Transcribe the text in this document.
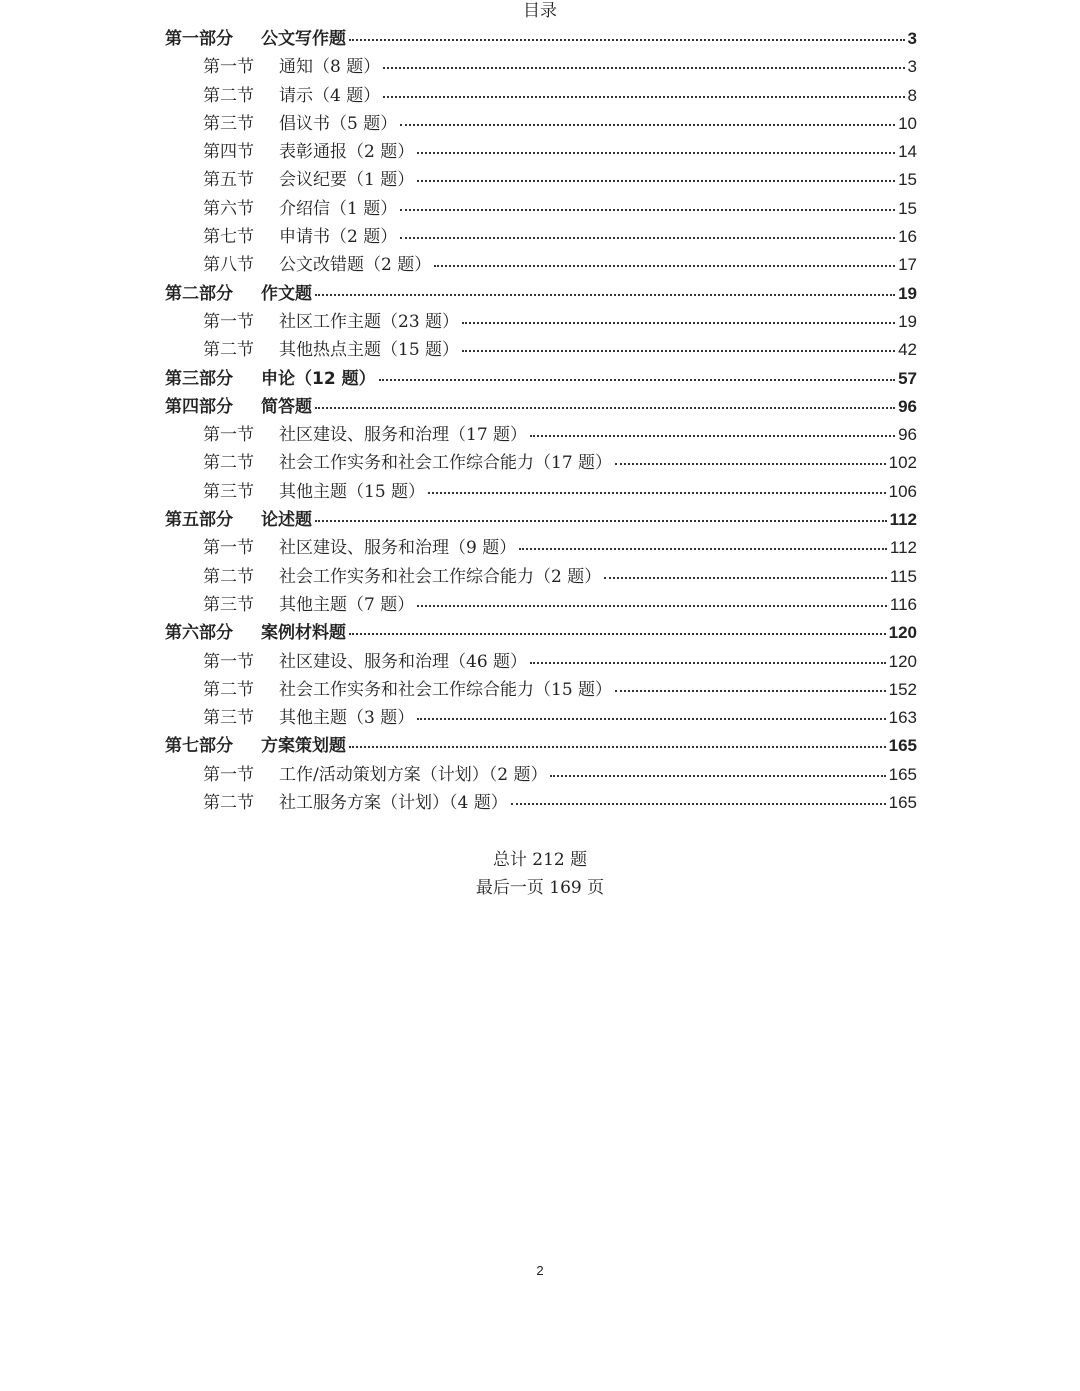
目录
第一部分	公文写作题	3
第一节	通知（8 题）	3
第二节	请示（4 题）	8
第三节	倡议书（5 题）	10
第四节	表彰通报（2 题）	14
第五节	会议纪要（1 题）	15
第六节	介绍信（1 题）	15
第七节	申请书（2 题）	16
第八节	公文改错题（2 题）	17
第二部分	作文题	19
第一节	社区工作主题（23 题）	19
第二节	其他热点主题（15 题）	42
第三部分	申论（12 题）	57
第四部分	简答题	96
第一节	社区建设、服务和治理（17 题）	96
第二节	社会工作实务和社会工作综合能力（17 题）	102
第三节	其他主题（15 题）	106
第五部分	论述题	112
第一节	社区建设、服务和治理（9 题）	112
第二节	社会工作实务和社会工作综合能力（2 题）	115
第三节	其他主题（7 题）	116
第六部分	案例材料题	120
第一节	社区建设、服务和治理（46 题）	120
第二节	社会工作实务和社会工作综合能力（15 题）	152
第三节	其他主题（3 题）	163
第七部分	方案策划题	165
第一节	工作/活动策划方案（计划）（2 题）	165
第二节	社工服务方案（计划）（4 题）	165
总计 212 题
最后一页 169 页
2
